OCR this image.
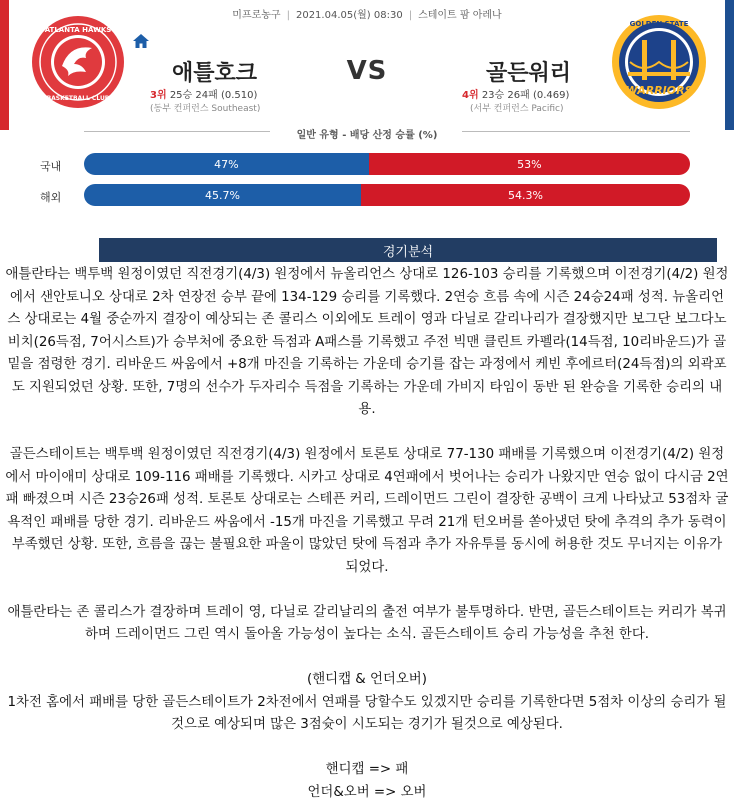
미프로농구 | 2021.04.05(월) 08:30 | 스테이트 팜 아레나
ATLANTA HAWKS
BASKETBALL CLUB
애틀호크
3위 25승 24패 (0.510)
(동부 컨퍼런스 Southeast)
VS	골든워리
4위 23승 26패 (0.469)
(서부 컨퍼런스 Pacific)
GOLDEN STATE
WARRIORS
일반 유형 - 배당 산정 승률 (%)
국내	47%	53%
해외	45.7%	54.3%
경기분석

애틀란타는 백투백 원정이였던 직전경기(4/3) 원정에서 뉴올리언스 상대로 126-103 승리를 기록했으며 이전경기(4/2) 원정에서 샌안토니오 상대로 2차 연장전 승부 끝에 134-129 승리를 기록했다. 2연승 흐름 속에 시즌 24승24패 성적. 뉴올리언스 상대로는 4월 중순까지 결장이 예상되는 존 콜리스 이외에도 트레이 영과 다닐로 갈리나리가 결장했지만 보그단 보그다노비치(26득점, 7어시스트)가 승부처에 중요한 득점과 A패스를 기록했고 주전 빅맨 클린트 카펠라(14득점, 10리바운드)가 골밑을 점령한 경기. 리바운드 싸움에서 +8개 마진을 기록하는 가운데 승기를 잡는 과정에서 케빈 후에르터(24득점)의 외곽포도 지원되었던 상황. 또한, 7명의 선수가 두자리수 득점을 기록하는 가운데 가비지 타임이 동반 된 완승을 기록한 승리의 내용.

골든스테이트는 백투백 원정이였던 직전경기(4/3) 원정에서 토론토 상대로 77-130 패배를 기록했으며 이전경기(4/2) 원정에서 마이애미 상대로 109-116 패배를 기록했다. 시카고 상대로 4연패에서 벗어나는 승리가 나왔지만 연승 없이 다시금 2연패 빠졌으며 시즌 23승26패 성적. 토론토 상대로는 스테픈 커리, 드레이먼드 그린이 결장한 공백이 크게 나타났고 53점차 굴욕적인 패배를 당한 경기. 리바운드 싸움에서 -15개 마진을 기록했고 무려 21개 턴오버를 쏟아냈던 탓에 추격의 추가 동력이 부족했던 상황. 또한, 흐름을 끊는 불필요한 파울이 많았던 탓에 득점과 추가 자유투를 동시에 허용한 것도 무너지는 이유가 되었다.

애틀란타는 존 콜리스가 결장하며 트레이 영, 다닐로 갈리날리의 출전 여부가 불투명하다. 반면, 골든스테이트는 커리가 복귀하며 드레이먼드 그린 역시 돌아올 가능성이 높다는 소식. 골든스테이트 승리 가능성을 추천 한다.

(핸디캡 & 언더오버)

1차전 홈에서 패배를 당한 골든스테이트가 2차전에서 연패를 당할수도 있겠지만 승리를 기록한다면 5점차 이상의 승리가 될것으로 예상되며 많은 3점슛이 시도되는 경기가 될것으로 예상된다.

핸디캡 => 패

언더&오버 => 오버
